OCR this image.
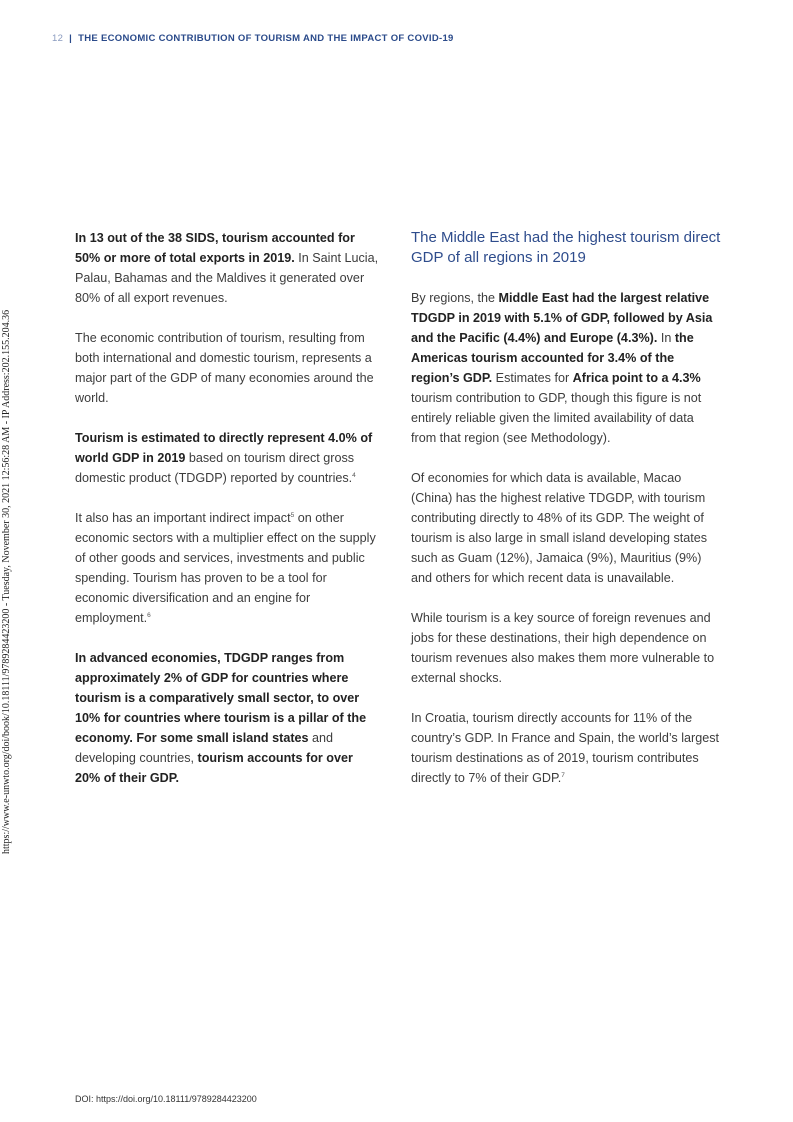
12 | THE ECONOMIC CONTRIBUTION OF TOURISM AND THE IMPACT OF COVID-19
https://www.e-unwto.org/doi/book/10.18111/9789284423200 - Tuesday, November 30, 2021 12:56:28 AM - IP Address:202.155.204.36

In 13 out of the 38 SIDS, tourism accounted for 50% or more of total exports in 2019. In Saint Lucia, Palau, Bahamas and the Maldives it generated over 80% of all export revenues.

The economic contribution of tourism, resulting from both international and domestic tourism, represents a major part of the GDP of many economies around the world.

Tourism is estimated to directly represent 4.0% of world GDP in 2019 based on tourism direct gross domestic product (TDGDP) reported by countries.$^4$

It also has an important indirect impact$^5$ on other economic sectors with a multiplier effect on the supply of other goods and services, investments and public spending. Tourism has proven to be a tool for economic diversification and an engine for employment.$^6$

In advanced economies, TDGDP ranges from approximately 2% of GDP for countries where tourism is a comparatively small sector, to over 10% for countries where tourism is a pillar of the economy. For some small island states and developing countries, tourism accounts for over 20% of their GDP.

The Middle East had the highest tourism direct GDP of all regions in 2019

By regions, the Middle East had the largest relative TDGDP in 2019 with 5.1% of GDP, followed by Asia and the Pacific (4.4%) and Europe (4.3%). In the Americas tourism accounted for 3.4% of the region’s GDP. Estimates for Africa point to a 4.3% tourism contribution to GDP, though this figure is not entirely reliable given the limited availability of data from that region (see Methodology).

Of economies for which data is available, Macao (China) has the highest relative TDGDP, with tourism contributing directly to 48% of its GDP. The weight of tourism is also large in small island developing states such as Guam (12%), Jamaica (9%), Mauritius (9%) and others for which recent data is unavailable.

While tourism is a key source of foreign revenues and jobs for these destinations, their high dependence on tourism revenues also makes them more vulnerable to external shocks.

In Croatia, tourism directly accounts for 11% of the country’s GDP. In France and Spain, the world’s largest tourism destinations as of 2019, tourism contributes directly to 7% of their GDP.$^7$

DOI: https://doi.org/10.18111/9789284423200
